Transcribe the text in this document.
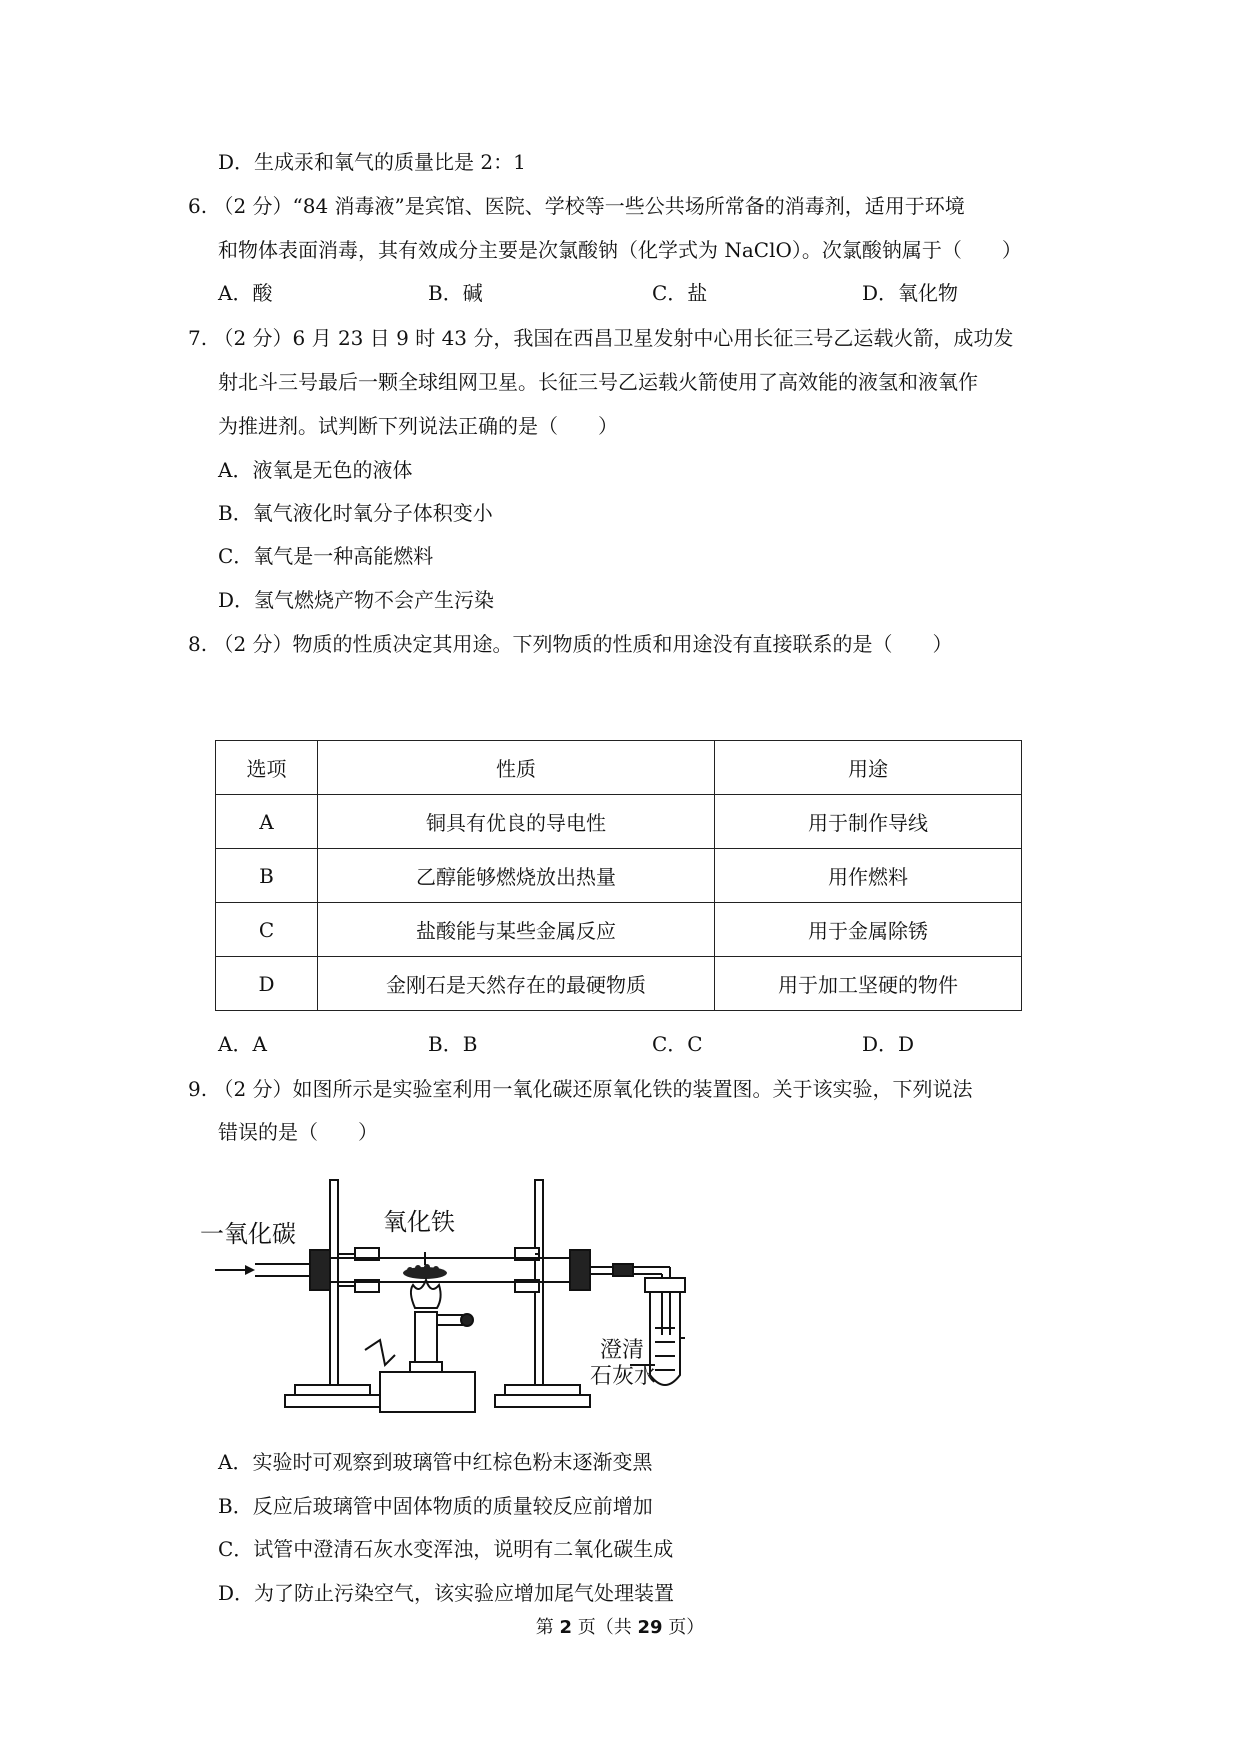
D．生成汞和氧气的质量比是 2：1
6. （2 分）“84 消毒液”是宾馆、医院、学校等一些公共场所常备的消毒剂，适用于环境
和物体表面消毒，其有效成分主要是次氯酸钠（化学式为 NaClO）。次氯酸钠属于（　　）
A．酸	B．碱	C．盐	D．氧化物
7. （2 分）6 月 23 日 9 时 43 分，我国在西昌卫星发射中心用长征三号乙运载火箭，成功发
射北斗三号最后一颗全球组网卫星。长征三号乙运载火箭使用了高效能的液氢和液氧作
为推进剂。试判断下列说法正确的是（　　）
A．液氧是无色的液体
B．氧气液化时氧分子体积变小
C．氧气是一种高能燃料
D．氢气燃烧产物不会产生污染
8. （2 分）物质的性质决定其用途。下列物质的性质和用途没有直接联系的是（　　）
选项	性质	用途
A	铜具有优良的导电性	用于制作导线
B	乙醇能够燃烧放出热量	用作燃料
C	盐酸能与某些金属反应	用于金属除锈
D	金刚石是天然存在的最硬物质	用于加工坚硬的物件
A．A	B．B	C．C	D．D
9. （2 分）如图所示是实验室利用一氧化碳还原氧化铁的装置图。关于该实验，下列说法
错误的是（　　）
一氧化碳	氧化铁
澄清
石灰水
A．实验时可观察到玻璃管中红棕色粉末逐渐变黑
B．反应后玻璃管中固体物质的质量较反应前增加
C．试管中澄清石灰水变浑浊，说明有二氧化碳生成
D．为了防止污染空气，该实验应增加尾气处理装置
第 2 页（共 29 页）
